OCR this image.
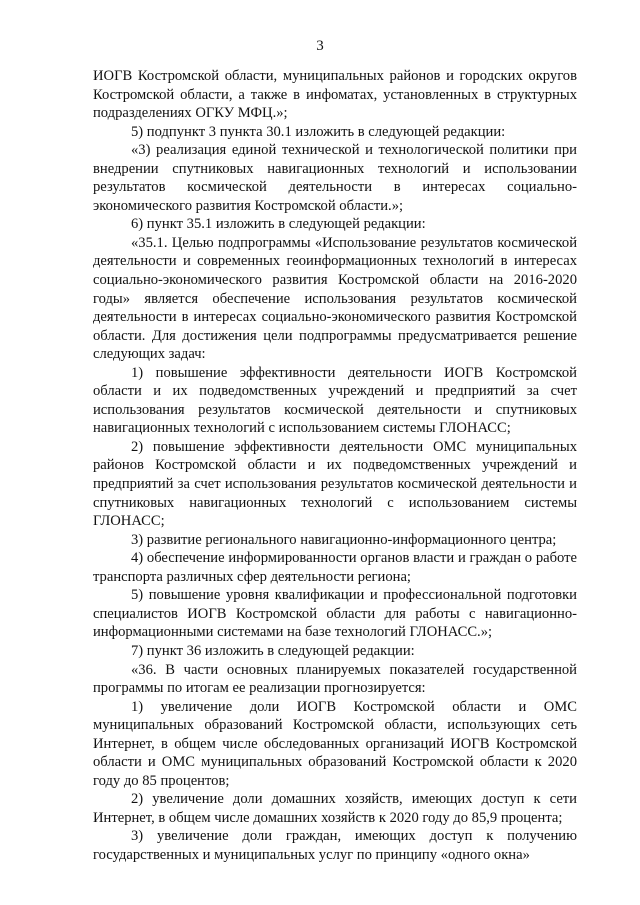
3

ИОГВ Костромской области, муниципальных районов и городских округов Костромской области, а также в инфоматах, установленных в структурных подразделениях ОГКУ МФЦ.»;

5) подпункт 3 пункта 30.1 изложить в следующей редакции:

«3) реализация единой технической и технологической политики при внедрении спутниковых навигационных технологий и использовании результатов космической деятельности в интересах социально-экономического развития Костромской области.»;

6) пункт 35.1 изложить в следующей редакции:

«35.1. Целью подпрограммы «Использование результатов космической деятельности и современных геоинформационных технологий в интересах социально-экономического развития Костромской области на 2016-2020 годы» является обеспечение использования результатов космической деятельности в интересах социально-экономического развития Костромской области. Для достижения цели подпрограммы предусматривается решение следующих задач:

1) повышение эффективности деятельности ИОГВ Костромской области и их подведомственных учреждений и предприятий за счет использования результатов космической деятельности и спутниковых навигационных технологий с использованием системы ГЛОНАСС;

2) повышение эффективности деятельности ОМС муниципальных районов Костромской области и их подведомственных учреждений и предприятий за счет использования результатов космической деятельности и спутниковых навигационных технологий с использованием системы ГЛОНАСС;

3) развитие регионального навигационно-информационного центра;

4) обеспечение информированности органов власти и граждан о работе транспорта различных сфер деятельности региона;

5) повышение уровня квалификации и профессиональной подготовки специалистов ИОГВ Костромской области для работы с навигационно-информационными системами на базе технологий ГЛОНАСС.»;

7) пункт 36 изложить в следующей редакции:

«36. В части основных планируемых показателей государственной программы по итогам ее реализации прогнозируется:

1) увеличение доли ИОГВ Костромской области и ОМС муниципальных образований Костромской области, использующих сеть Интернет, в общем числе обследованных организаций ИОГВ Костромской области и ОМС муниципальных образований Костромской области к 2020 году до 85 процентов;

2) увеличение доли домашних хозяйств, имеющих доступ к сети Интернет, в общем числе домашних хозяйств к 2020 году до 85,9 процента;

3) увеличение доли граждан, имеющих доступ к получению государственных и муниципальных услуг по принципу «одного окна»
